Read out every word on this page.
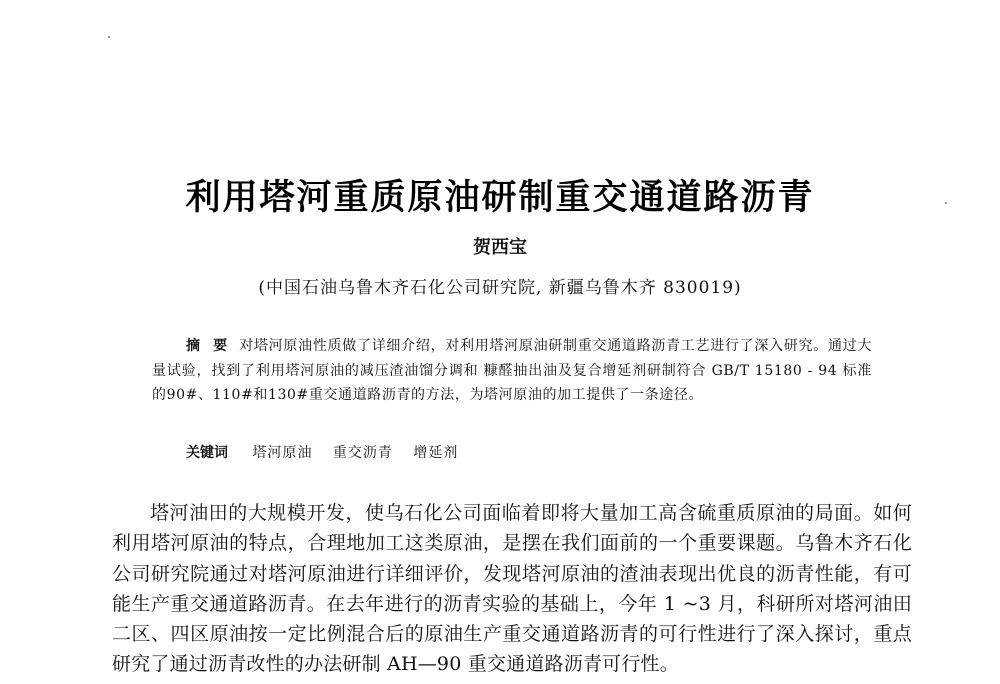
利用塔河重质原油研制重交通道路沥青
贺西宝
(中国石油乌鲁木齐石化公司研究院, 新疆乌鲁木齐 830019)
摘 要 对塔河原油性质做了详细介绍，对利用塔河原油研制重交通道路沥青工艺进行了深入研究。通过大量试验，找到了利用塔河原油的减压渣油馏分调和 糠醛抽出油及复合增延剂研制符合 GB/T 15180 - 94 标准的90#、110#和130#重交通道路沥青的方法，为塔河原油的加工提供了一条途径。
关键词 塔河原油 重交沥青 增延剂
塔河油田的大规模开发，使乌石化公司面临着即将大量加工高含硫重质原油的局面。如何利用塔河原油的特点，合理地加工这类原油，是摆在我们面前的一个重要课题。乌鲁木齐石化公司研究院通过对塔河原油进行详细评价，发现塔河原油的渣油表现出优良的沥青性能，有可能生产重交通道路沥青。在去年进行的沥青实验的基础上，今年 1 ~3 月，科研所对塔河油田二区、四区原油按一定比例混合后的原油生产重交通道路沥青的可行性进行了深入探讨，重点研究了通过沥青改性的办法研制 AH—90 重交通道路沥青可行性。
